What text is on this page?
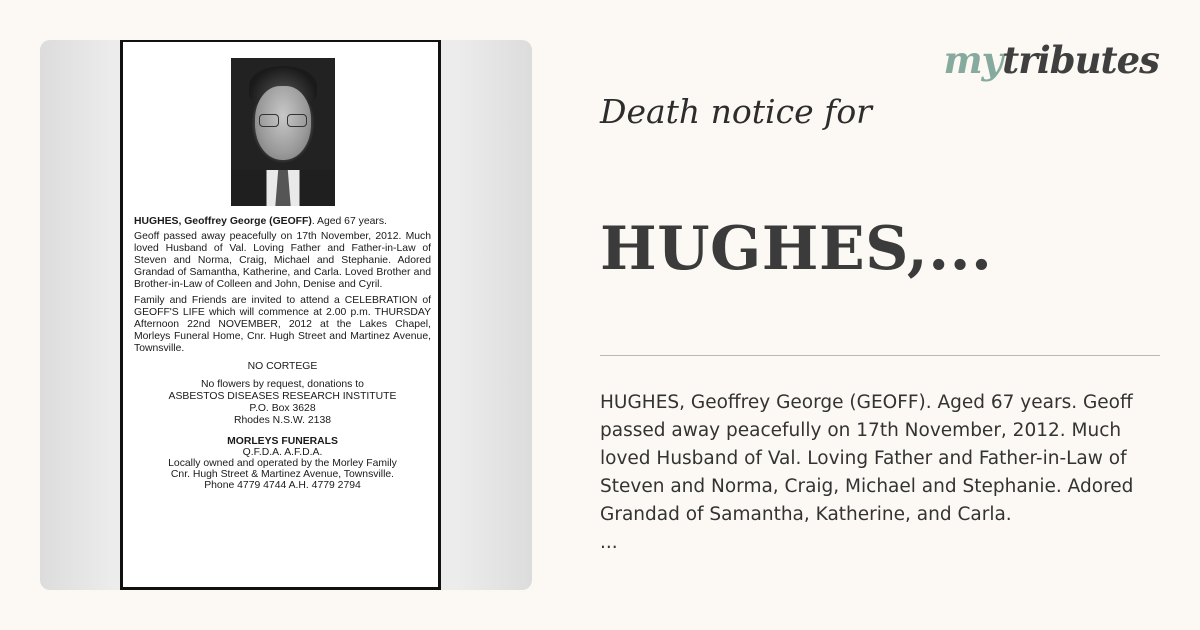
HUGHES, Geoffrey George (GEOFF). Aged 67 years.

Geoff passed away peacefully on 17th November, 2012. Much loved Husband of Val. Loving Father and Father-in-Law of Steven and Norma, Craig, Michael and Stephanie. Adored Grandad of Samantha, Katherine, and Carla. Loved Brother and Brother-in-Law of Colleen and John, Denise and Cyril.

Family and Friends are invited to attend a CELEBRATION of GEOFF'S LIFE which will commence at 2.00 p.m. THURSDAY Afternoon 22nd NOVEMBER, 2012 at the Lakes Chapel, Morleys Funeral Home, Cnr. Hugh Street and Martinez Avenue, Townsville.

NO CORTEGE
No flowers by request, donations to
ASBESTOS DISEASES RESEARCH INSTITUTE
P.O. Box 3628
Rhodes N.S.W. 2138
MORLEYS FUNERALS
Q.F.D.A. A.F.D.A.
Locally owned and operated by the Morley Family
Cnr. Hugh Street & Martinez Avenue, Townsville.
Phone 4779 4744 A.H. 4779 2794
mytributes
Death notice for
HUGHES,...
HUGHES, Geoffrey George (GEOFF). Aged 67 years. Geoff passed away peacefully on 17th November, 2012. Much loved Husband of Val. Loving Father and Father-in-Law of Steven and Norma, Craig, Michael and Stephanie. Adored Grandad of Samantha, Katherine, and Carla.
...
